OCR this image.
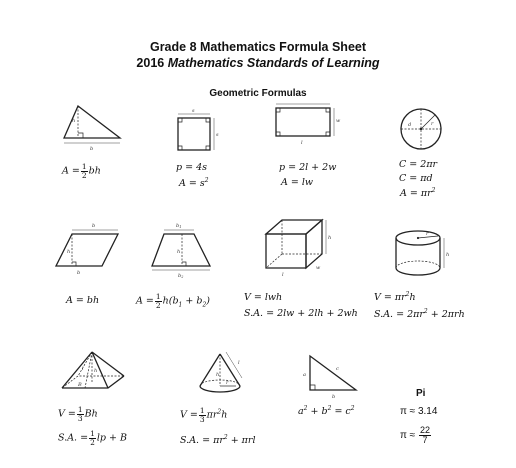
Grade 8 Mathematics Formula Sheet
2016 Mathematics Standards of Learning
Geometric Formulas
h
b
s
s
w
l
d	r
$A = \frac{1}{2}$ bh	p = 4s
$A = s^2$
p = 2l + 2w
A = lw
C = 2πr
C = πd
$A = \pi r^2$
b
h
b
$b_1$
h
$b_2$
h
l
w
r
h
A = bh	$A = \frac{1}{2} h(b_1 + b_2)$	V = lwh
S.A. = 2lw + 2lh + 2wh
$V = \pi r^2h$
S.A. = $2\pi r^2 + 2\pi rh$
h
l
B
h
l
r
a
c
b
$V = \frac{1}{3}$ Bh
S.A. = $\frac{1}{2}$ lp + B
$V = \frac{1}{3} \pi r^2h$
S.A. = $\pi r^2 + \pi rl$
$a^2 + b^2 = c^2$
Pi
π ≈ 3.14
$\pi \approx \frac{22}{7}$
